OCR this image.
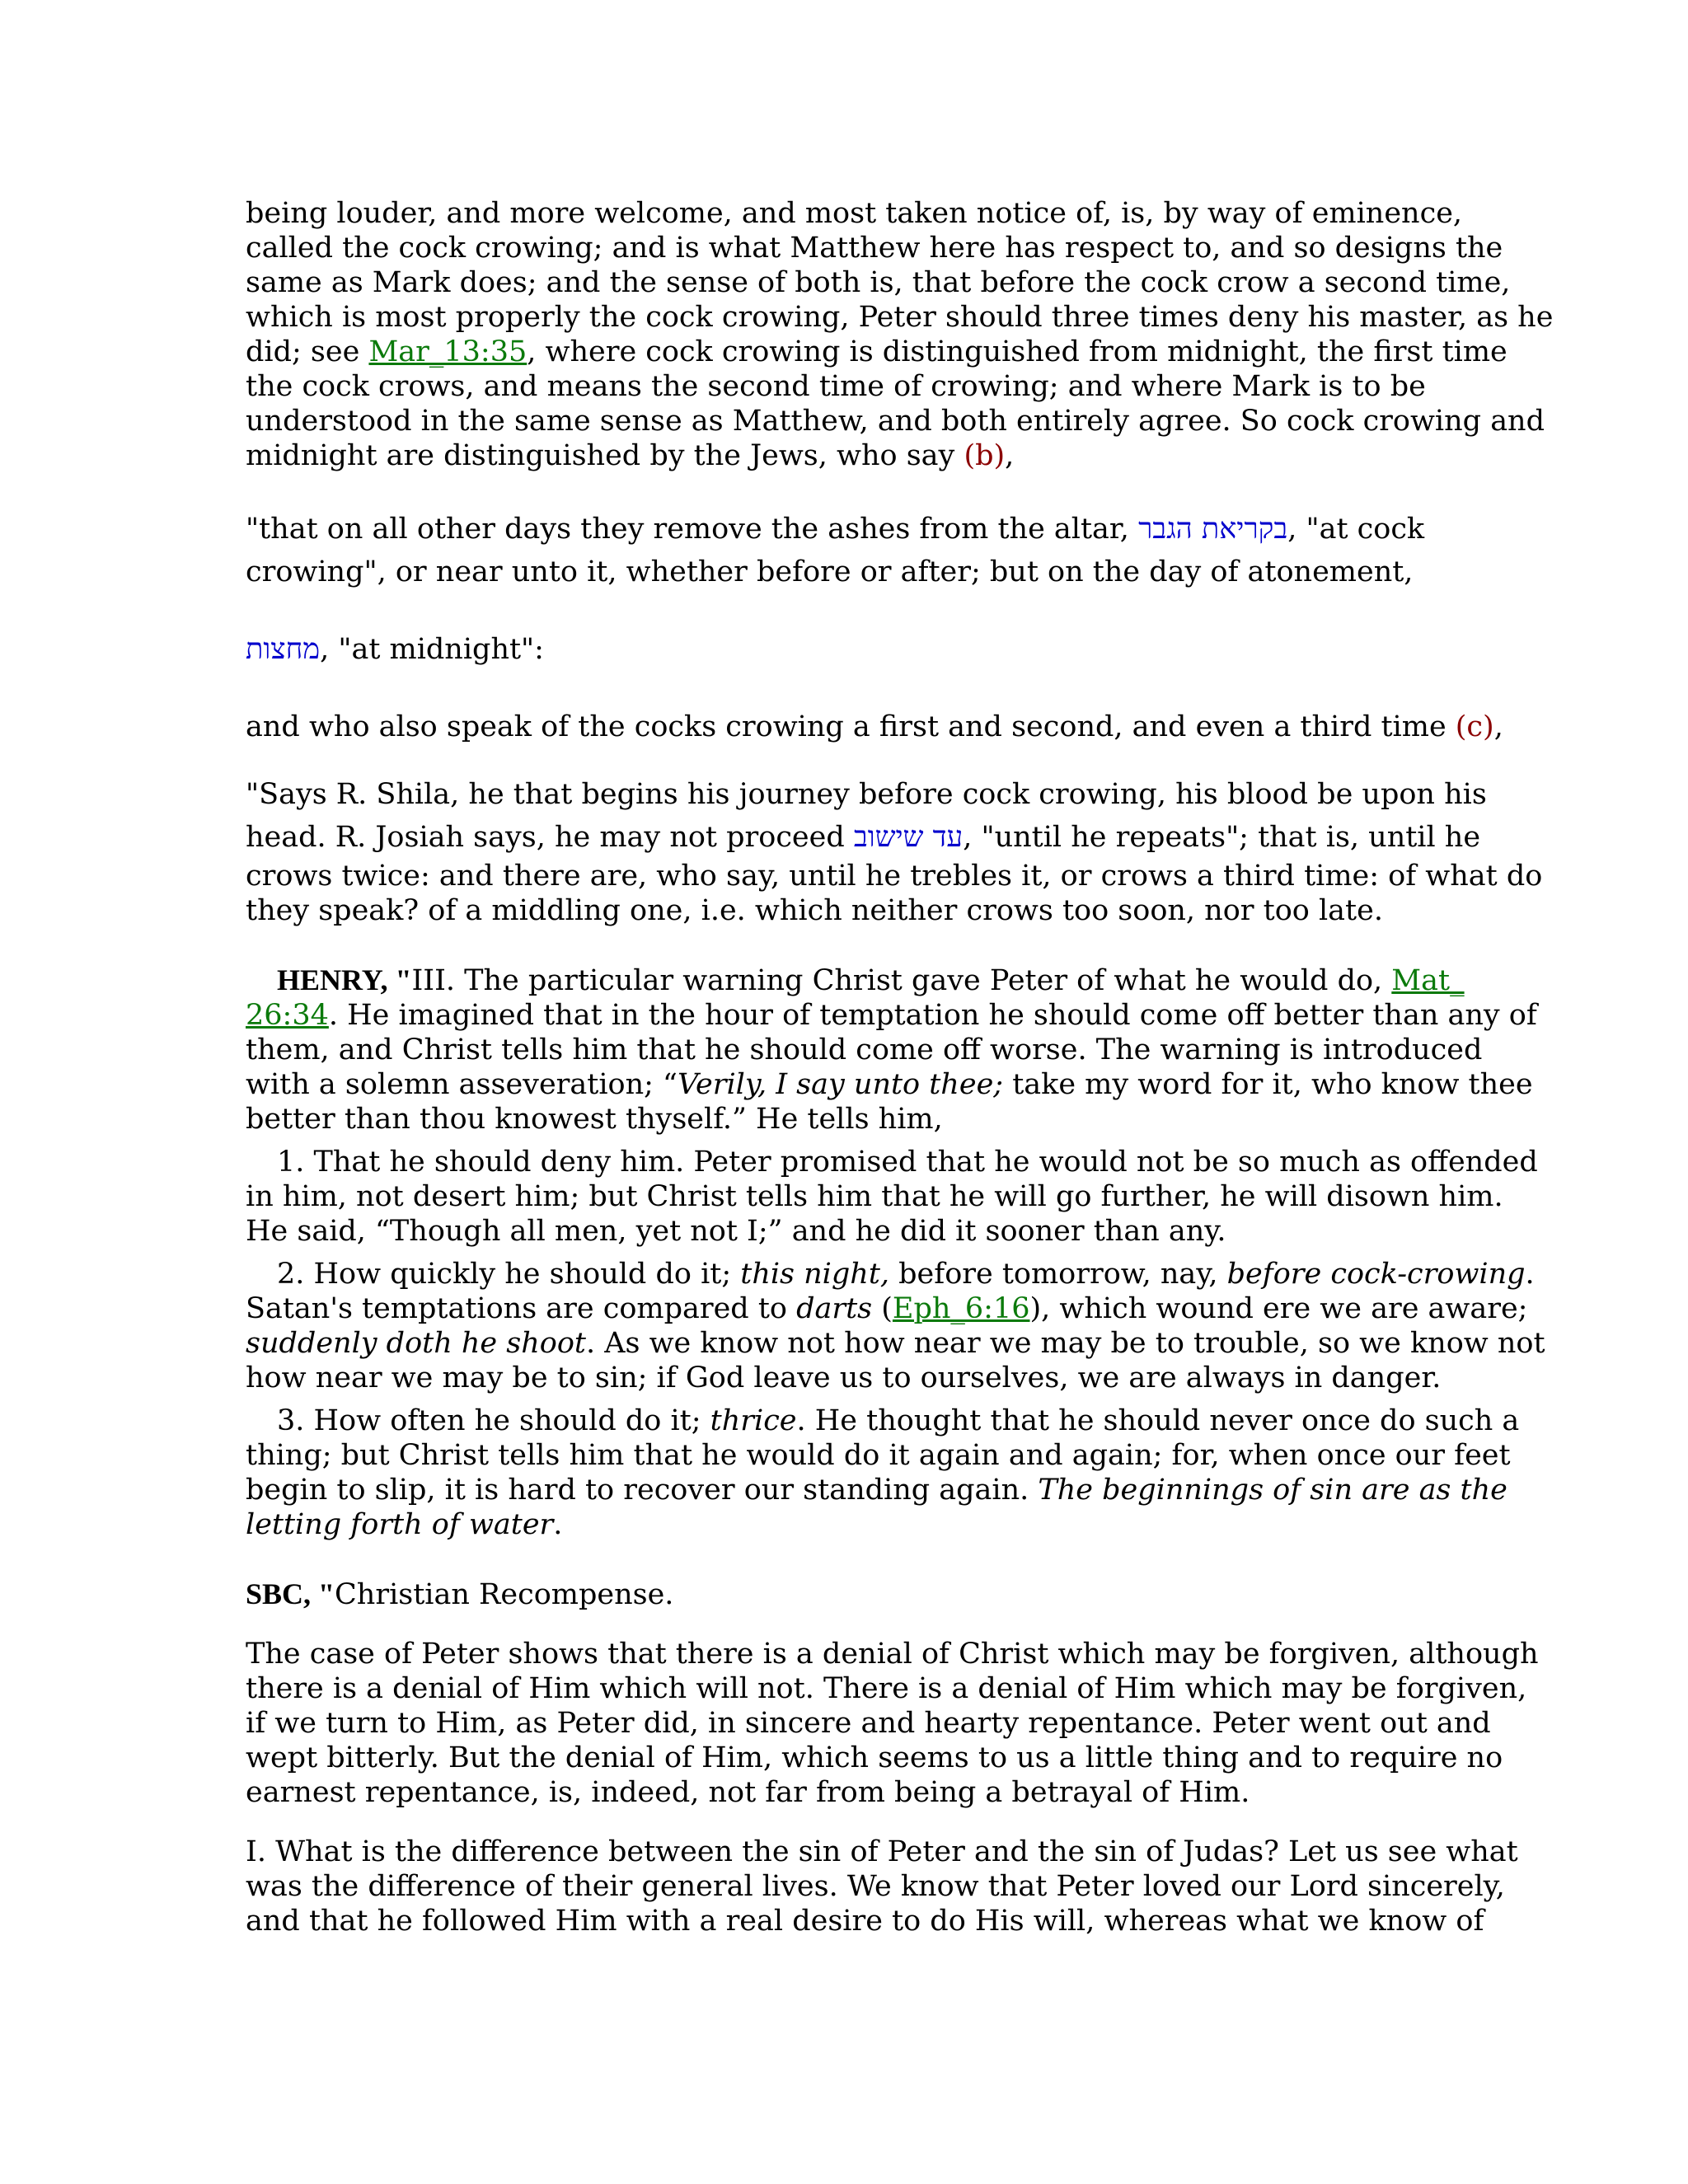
being louder, and more welcome, and most taken notice of, is, by way of eminence,
called the cock crowing; and is what Matthew here has respect to, and so designs the
same as Mark does; and the sense of both is, that before the cock crow a second time,
which is most properly the cock crowing, Peter should three times deny his master, as he
did; see Mar_13:35, where cock crowing is distinguished from midnight, the first time
the cock crows, and means the second time of crowing; and where Mark is to be
understood in the same sense as Matthew, and both entirely agree. So cock crowing and
midnight are distinguished by the Jews, who say (b),

"that on all other days they remove the ashes from the altar, בקריאת הגבר, "at cock
crowing", or near unto it, whether before or after; but on the day of atonement,

מחצות, "at midnight":

and who also speak of the cocks crowing a first and second, and even a third time (c),

"Says R. Shila, he that begins his journey before cock crowing, his blood be upon his
head. R. Josiah says, he may not proceed עד שישוב, "until he repeats"; that is, until he
crows twice: and there are, who say, until he trebles it, or crows a third time: of what do
they speak? of a middling one, i.e. which neither crows too soon, nor too late.

HENRY, "III. The particular warning Christ gave Peter of what he would do, Mat_
26:34. He imagined that in the hour of temptation he should come off better than any of
them, and Christ tells him that he should come off worse. The warning is introduced
with a solemn asseveration; “Verily, I say unto thee; take my word for it, who know thee
better than thou knowest thyself.” He tells him,

1. That he should deny him. Peter promised that he would not be so much as offended
in him, not desert him; but Christ tells him that he will go further, he will disown him.
He said, “Though all men, yet not I;” and he did it sooner than any.

2. How quickly he should do it; this night, before tomorrow, nay, before cock-crowing.
Satan's temptations are compared to darts (Eph_6:16), which wound ere we are aware;
suddenly doth he shoot. As we know not how near we may be to trouble, so we know not
how near we may be to sin; if God leave us to ourselves, we are always in danger.

3. How often he should do it; thrice. He thought that he should never once do such a
thing; but Christ tells him that he would do it again and again; for, when once our feet
begin to slip, it is hard to recover our standing again. The beginnings of sin are as the
letting forth of water.

SBC, "Christian Recompense.

The case of Peter shows that there is a denial of Christ which may be forgiven, although
there is a denial of Him which will not. There is a denial of Him which may be forgiven,
if we turn to Him, as Peter did, in sincere and hearty repentance. Peter went out and
wept bitterly. But the denial of Him, which seems to us a little thing and to require no
earnest repentance, is, indeed, not far from being a betrayal of Him.

I. What is the difference between the sin of Peter and the sin of Judas? Let us see what
was the difference of their general lives. We know that Peter loved our Lord sincerely,
and that he followed Him with a real desire to do His will, whereas what we know of
